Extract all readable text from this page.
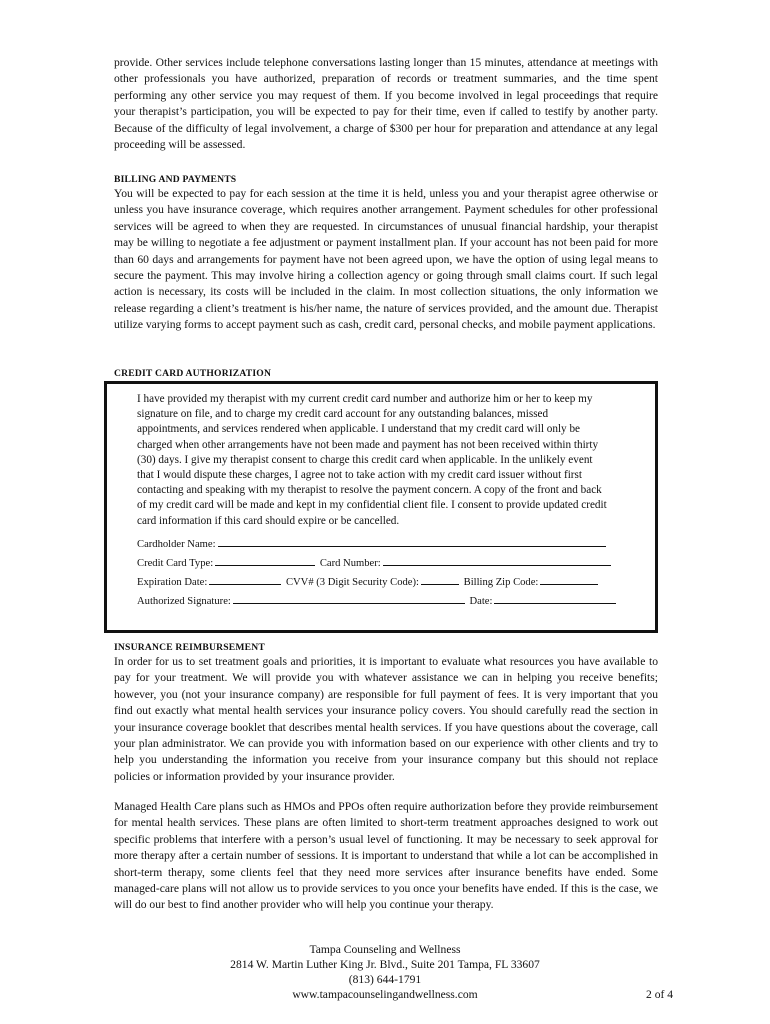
provide. Other services include telephone conversations lasting longer than 15 minutes, attendance at meetings with other professionals you have authorized, preparation of records or treatment summaries, and the time spent performing any other service you may request of them. If you become involved in legal proceedings that require your therapist’s participation, you will be expected to pay for their time, even if called to testify by another party. Because of the difficulty of legal involvement, a charge of $300 per hour for preparation and attendance at any legal proceeding will be assessed.

BILLING AND PAYMENTS

You will be expected to pay for each session at the time it is held, unless you and your therapist agree otherwise or unless you have insurance coverage, which requires another arrangement. Payment schedules for other professional services will be agreed to when they are requested. In circumstances of unusual financial hardship, your therapist may be willing to negotiate a fee adjustment or payment installment plan. If your account has not been paid for more than 60 days and arrangements for payment have not been agreed upon, we have the option of using legal means to secure the payment. This may involve hiring a collection agency or going through small claims court. If such legal action is necessary, its costs will be included in the claim. In most collection situations, the only information we release regarding a client’s treatment is his/her name, the nature of services provided, and the amount due. Therapist utilize varying forms to accept payment such as cash, credit card, personal checks, and mobile payment applications.

CREDIT CARD AUTHORIZATION

I have provided my therapist with my current credit card number and authorize him or her to keep my signature on file, and to charge my credit card account for any outstanding balances, missed appointments, and services rendered when applicable. I understand that my credit card will only be charged when other arrangements have not been made and payment has not been received within thirty (30) days. I give my therapist consent to charge this credit card when applicable. In the unlikely event that I would dispute these charges, I agree not to take action with my credit card issuer without first contacting and speaking with my therapist to resolve the payment concern. A copy of the front and back of my credit card will be made and kept in my confidential client file. I consent to provide updated credit card information if this card should expire or be cancelled.

Cardholder Name:
Credit Card Type:	Card Number:
Expiration Date:	CVV# (3 Digit Security Code):	Billing Zip Code:
Authorized Signature:	Date:

INSURANCE REIMBURSEMENT

In order for us to set treatment goals and priorities, it is important to evaluate what resources you have available to pay for your treatment. We will provide you with whatever assistance we can in helping you receive benefits; however, you (not your insurance company) are responsible for full payment of fees. It is very important that you find out exactly what mental health services your insurance policy covers. You should carefully read the section in your insurance coverage booklet that describes mental health services. If you have questions about the coverage, call your plan administrator. We can provide you with information based on our experience with other clients and try to help you understanding the information you receive from your insurance company but this should not replace policies or information provided by your insurance provider.

Managed Health Care plans such as HMOs and PPOs often require authorization before they provide reimbursement for mental health services. These plans are often limited to short-term treatment approaches designed to work out specific problems that interfere with a person’s usual level of functioning. It may be necessary to seek approval for more therapy after a certain number of sessions. It is important to understand that while a lot can be accomplished in short-term therapy, some clients feel that they need more services after insurance benefits have ended. Some managed-care plans will not allow us to provide services to you once your benefits have ended. If this is the case, we will do our best to find another provider who will help you continue your therapy.

Tampa Counseling and Wellness
2814 W. Martin Luther King Jr. Blvd., Suite 201 Tampa, FL 33607
(813) 644-1791
www.tampacounselingandwellness.com	2 of 4
